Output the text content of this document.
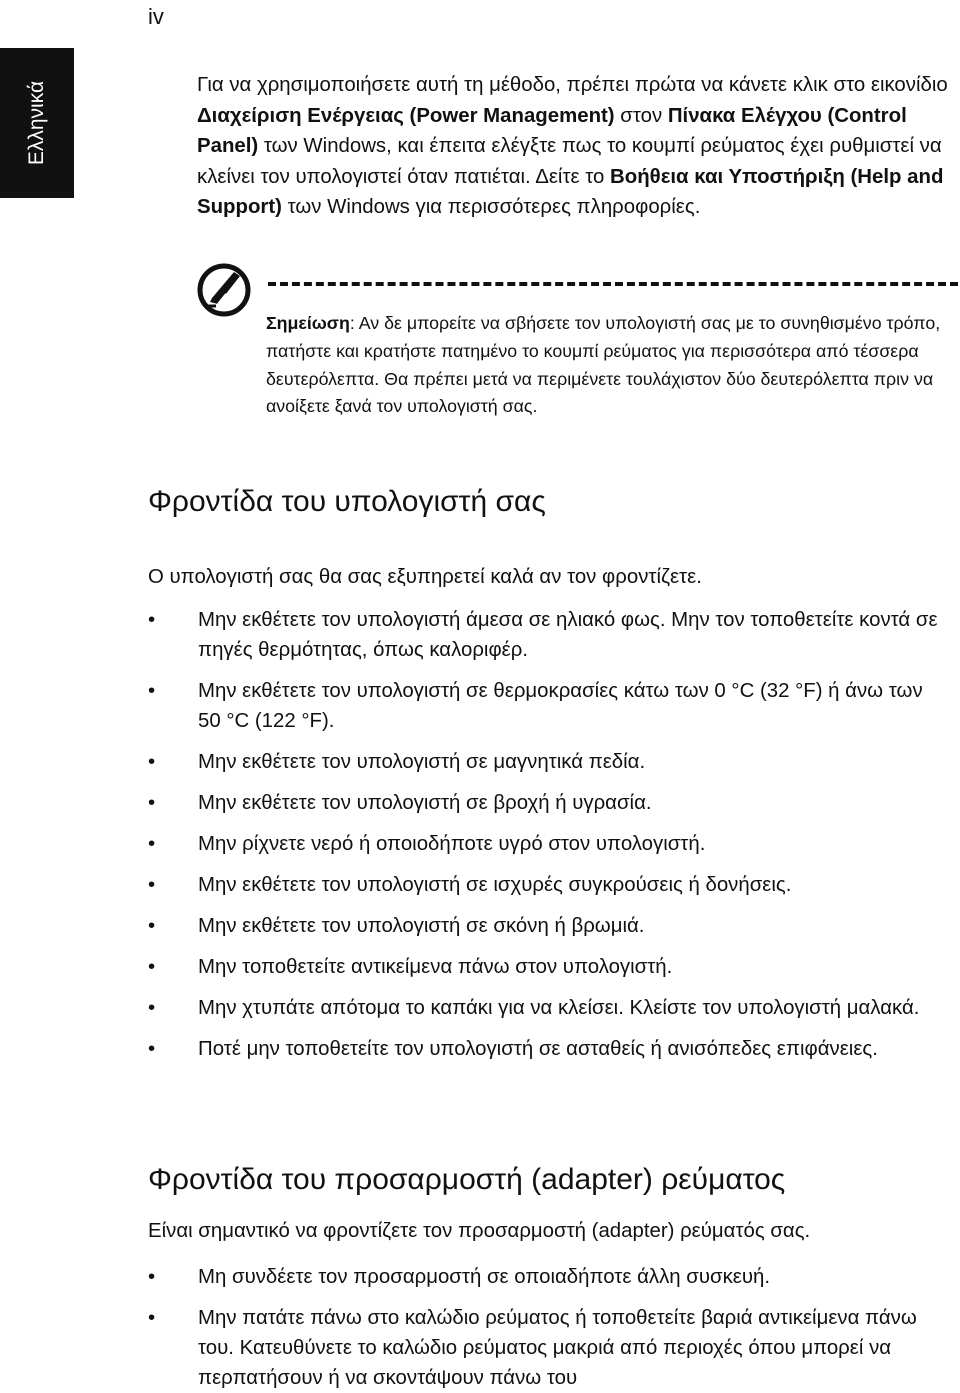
iv
Ελληνικά	Για να χρησιμοποιήσετε αυτή τη μέθοδο, πρέπει πρώτα να κάνετε κλικ στο εικονίδιο Διαχείριση Ενέργειας (Power Management) στον Πίνακα Ελέγχου (Control Panel) των Windows, και έπειτα ελέγξτε πως το κουμπί ρεύματος έχει ρυθμιστεί να κλείνει τον υπολογιστεί όταν πατιέται. Δείτε το Βοήθεια και Υποστήριξη (Help and Support) των Windows για περισσότερες πληροφορίες.

Σημείωση: Αν δε μπορείτε να σβήσετε τον υπολογιστή σας με το συνηθισμένο τρόπο, πατήστε και κρατήστε πατημένο το κουμπί ρεύματος για περισσότερα από τέσσερα δευτερόλεπτα. Θα πρέπει μετά να περιμένετε τουλάχιστον δύο δευτερόλεπτα πριν να ανοίξετε ξανά τον υπολογιστή σας.

Φροντίδα του υπολογιστή σας

Ο υπολογιστή σας θα σας εξυπηρετεί καλά αν τον φροντίζετε.

• Μην εκθέτετε τον υπολογιστή άμεσα σε ηλιακό φως. Μην τον τοποθετείτε κοντά σε πηγές θερμότητας, όπως καλοριφέρ.
• Μην εκθέτετε τον υπολογιστή σε θερμοκρασίες κάτω των 0 °C (32 °F) ή άνω των 50 °C (122 °F).
• Μην εκθέτετε τον υπολογιστή σε μαγνητικά πεδία.
• Μην εκθέτετε τον υπολογιστή σε βροχή ή υγρασία.
• Μην ρίχνετε νερό ή οποιοδήποτε υγρό στον υπολογιστή.
• Μην εκθέτετε τον υπολογιστή σε ισχυρές συγκρούσεις ή δονήσεις.
• Μην εκθέτετε τον υπολογιστή σε σκόνη ή βρωμιά.
• Μην τοποθετείτε αντικείμενα πάνω στον υπολογιστή.
• Μην χτυπάτε απότομα το καπάκι για να κλείσει. Κλείστε τον υπολογιστή μαλακά.
• Ποτέ μην τοποθετείτε τον υπολογιστή σε ασταθείς ή ανισόπεδες επιφάνειες.
Φροντίδα του προσαρμοστή (adapter) ρεύματος

Είναι σημαντικό να φροντίζετε τον προσαρμοστή (adapter) ρεύματός σας.

• Μη συνδέετε τον προσαρμοστή σε οποιαδήποτε άλλη συσκευή.
• Μην πατάτε πάνω στο καλώδιο ρεύματος ή τοποθετείτε βαριά αντικείμενα πάνω του. Κατευθύνετε το καλώδιο ρεύματος μακριά από περιοχές όπου μπορεί να περπατήσουν ή να σκοντάψουν πάνω του
